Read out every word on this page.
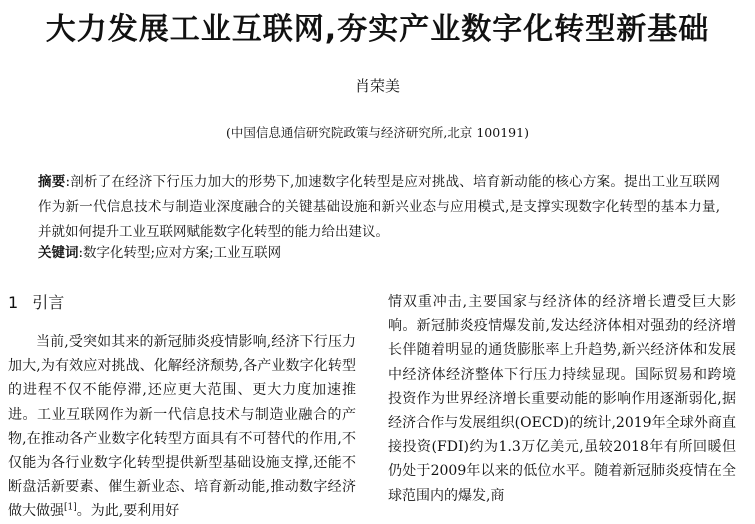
大力发展工业互联网,夯实产业数字化转型新基础
肖荣美
(中国信息通信研究院政策与经济研究所,北京 100191)
摘要:剖析了在经济下行压力加大的形势下,加速数字化转型是应对挑战、培育新动能的核心方案。提出工业互联网作为新一代信息技术与制造业深度融合的关键基础设施和新兴业态与应用模式,是支撑实现数字化转型的基本力量,并就如何提升工业互联网赋能数字化转型的能力给出建议。
关键词:数字化转型;应对方案;工业互联网
1 引言
当前,受突如其来的新冠肺炎疫情影响,经济下行压力加大,为有效应对挑战、化解经济颓势,各产业数字化转型的进程不仅不能停滞,还应更大范围、更大力度加速推进。工业互联网作为新一代信息技术与制造业融合的产物,在推动各产业数字化转型方面具有不可替代的作用,不仅能为各行业数字化转型提供新型基础设施支撑,还能不断盘活新要素、催生新业态、培育新动能,推动数字经济做大做强[1]。为此,要利用好
情双重冲击,主要国家与经济体的经济增长遭受巨大影响。新冠肺炎疫情爆发前,发达经济体相对强劲的经济增长伴随着明显的通货膨胀率上升趋势,新兴经济体和发展中经济体经济整体下行压力持续显现。国际贸易和跨境投资作为世界经济增长重要动能的影响作用逐渐弱化,据经济合作与发展组织(OECD)的统计,2019年全球外商直接投资(FDI)约为1.3万亿美元,虽较2018年有所回暖但仍处于2009年以来的低位水平。随着新冠肺炎疫情在全球范围内的爆发,商
